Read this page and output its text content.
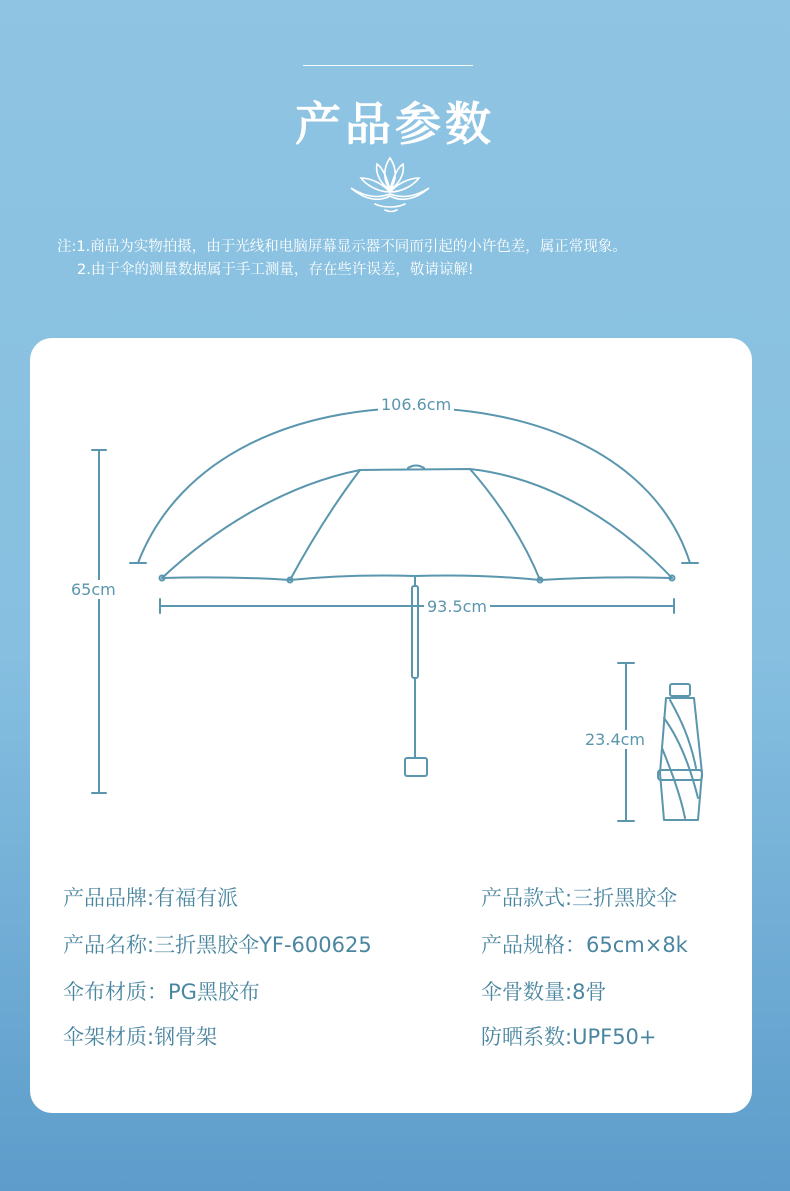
产品参数
注:1.商品为实物拍摄，由于光线和电脑屏幕显示器不同而引起的小许色差，属正常现象。
2.由于伞的测量数据属于手工测量，存在些许误差，敬请谅解!
106.6cm
65cm
93.5cm
23.4cm
产品品牌:有福有派
产品名称:三折黑胶伞YF-600625
伞布材质：PG黑胶布
伞架材质:钢骨架
产品款式:三折黑胶伞
产品规格：65cm×8k
伞骨数量:8骨
防晒系数:UPF50+
